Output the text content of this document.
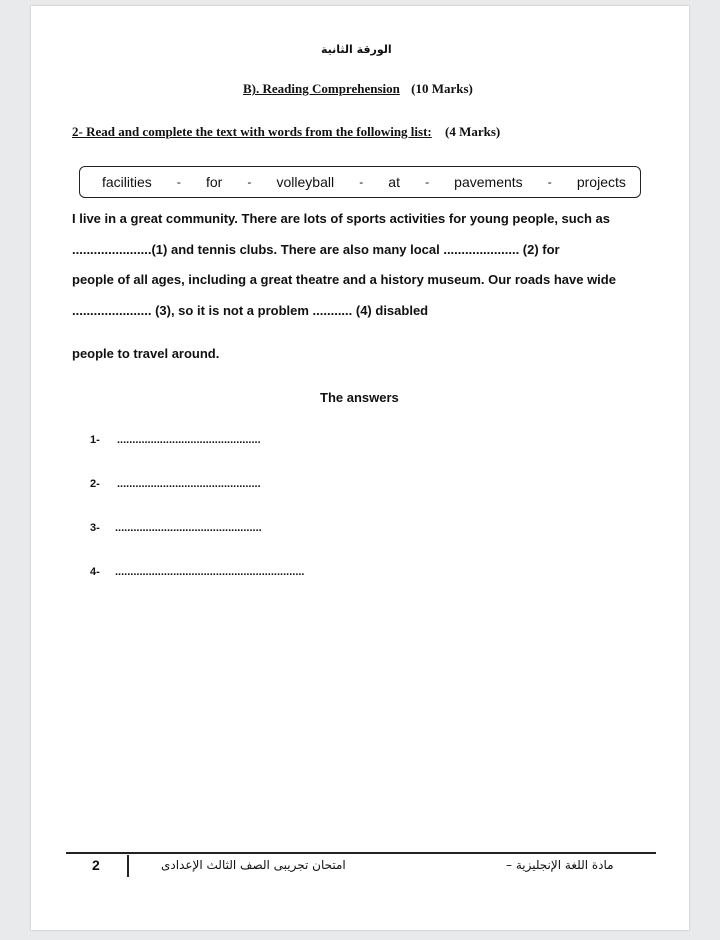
الورقة الثانية
B). Reading Comprehension (10 Marks)
2- Read and complete the text with words from the following list: (4 Marks)
facilities - for - volleyball - at - pavements - projects
I live in a great community. There are lots of sports activities for young people, such as
......................(1) and tennis clubs. There are also many local ..................... (2) for
people of all ages, including a great theatre and a history museum. Our roads have wide
...................... (3), so it is not a problem ........... (4) disabled
people to travel around.
The answers
1- ...............................................
2- ...............................................
3- ................................................
4- ..............................................................
2	امتحان تجريبى الصف الثالث الإعدادى	مادة اللغة الإنجليزية –
